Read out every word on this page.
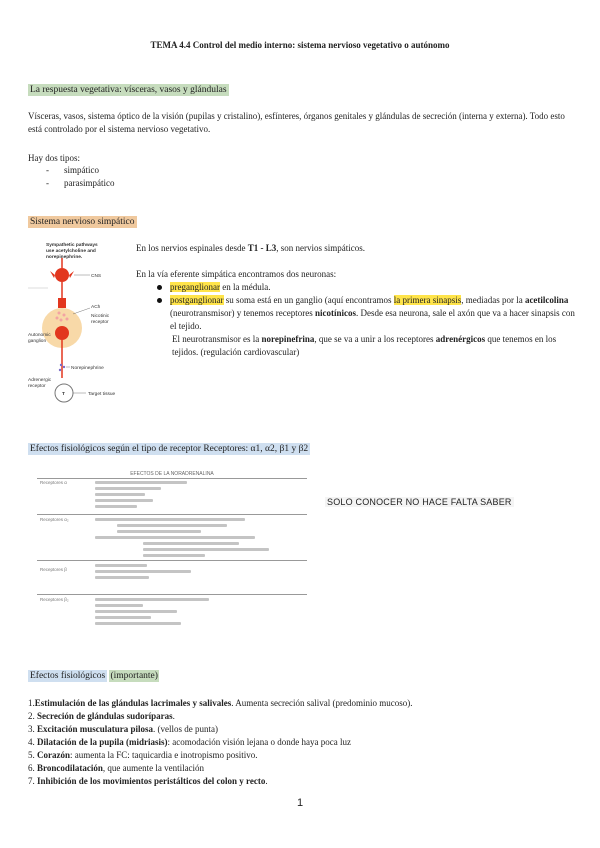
TEMA 4.4 Control del medio interno: sistema nervioso vegetativo o autónomo
La respuesta vegetativa: vísceras, vasos y glándulas

Vísceras, vasos, sistema óptico de la visión (pupilas y cristalino), esfínteres, órganos genitales y glándulas de secreción (interna y externa). Todo esto está controlado por el sistema nervioso vegetativo.

Hay dos tipos:

- simpático
- parasimpático
Sistema nervioso simpático
Sympathetic pathways
use acetylcholine and
norepinephrine.
CNS
ACh
Nicotinic
receptor
Autonomic
ganglion
Norepinephrine
Adrenergic
receptor
T	Target tissue

En los nervios espinales desde T1 - L3, son nervios simpáticos.

En la vía eferente simpática encontramos dos neuronas:

preganglionar en la médula.
postganglionar su soma está en un ganglio (aquí encontramos la primera sinapsis, mediadas por la acetilcolina (neurotransmisor) y tenemos receptores nicotínicos. Desde esa neurona, sale el axón que va a hacer sinapsis con el tejido.
El neurotransmisor es la norepinefrina, que se va a unir a los receptores adrenérgicos que tenemos en los tejidos. (regulación cardiovascular)
Efectos fisiológicos según el tipo de receptor Receptores: α1, α2, β1 y β2
EFECTOS DE LA NORADRENALINA
Receptores α
Receptores α₂
Receptores β
Receptores β₂
SOLO CONOCER NO HACE FALTA SABER
Efectos fisiológicos (importante)
1.Estimulación de las glándulas lacrimales y salivales. Aumenta secreción salival (predominio mucoso).
2. Secreción de glándulas sudoríparas.
3. Excitación musculatura pilosa. (vellos de punta)
4. Dilatación de la pupila (midriasis): acomodación visión lejana o donde haya poca luz
5. Corazón: aumenta la FC: taquicardia e inotropismo positivo.
6. Broncodilatación, que aumente la ventilación
7. Inhibición de los movimientos peristálticos del colon y recto.
1
